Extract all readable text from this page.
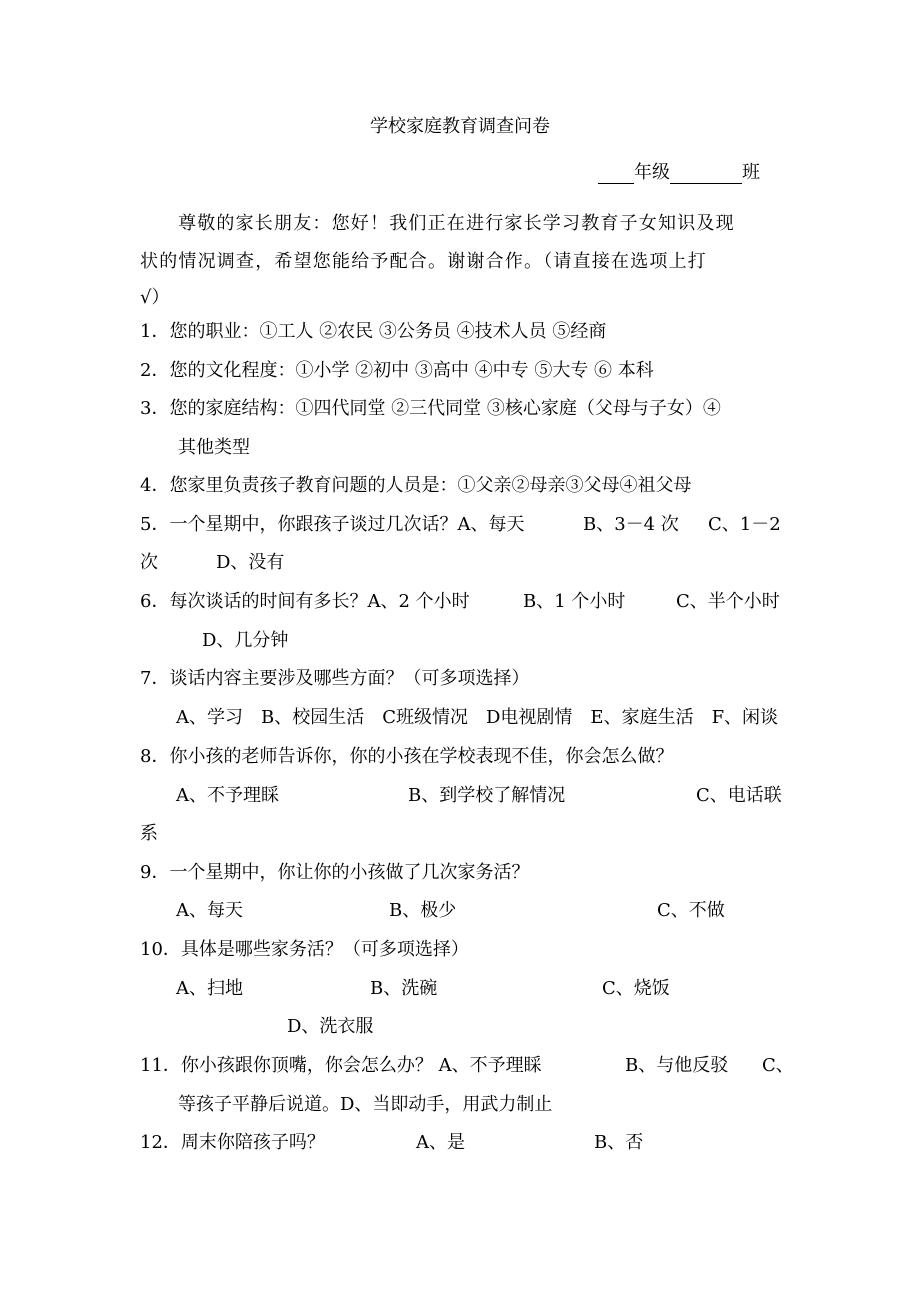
学校家庭教育调查问卷
年级	班
尊敬的家长朋友：您好！我们正在进行家长学习教育子女知识及现
状的情况调查，希望您能给予配合。谢谢合作。（请直接在选项上打
√）
1．您的职业：①工人 ②农民 ③公务员 ④技术人员 ⑤经商
2．您的文化程度：①小学 ②初中 ③高中 ④中专 ⑤大专 ⑥ 本科
3．您的家庭结构：①四代同堂 ②三代同堂 ③核心家庭（父母与子女）④
其他类型
4．您家里负责孩子教育问题的人员是：①父亲②母亲③父母④祖父母
5．一个星期中，你跟孩子谈过几次话？A、每天	B、3－4 次 C、1－2
次	D、没有
6．每次谈话的时间有多长？A、2 个小时	B、1 个小时	C、半个小时
D、几分钟
7．谈话内容主要涉及哪些方面？（可多项选择）
A、学习　B、校园生活　C班级情况　D电视剧情　E、家庭生活　F、闲谈
8．你小孩的老师告诉你，你的小孩在学校表现不佳，你会怎么做？
A、不予理睬	B、到学校了解情况	C、电话联
系
9．一个星期中，你让你的小孩做了几次家务活？
A、每天	B、极少	C、不做
10．具体是哪些家务活？（可多项选择）
A、扫地	B、洗碗	C、烧饭
D、洗衣服
11．你小孩跟你顶嘴，你会怎么办？ A、不予理睬	B、与他反驳 C、
等孩子平静后说道。D、当即动手，用武力制止
12．周末你陪孩子吗？	A、是	B、否
